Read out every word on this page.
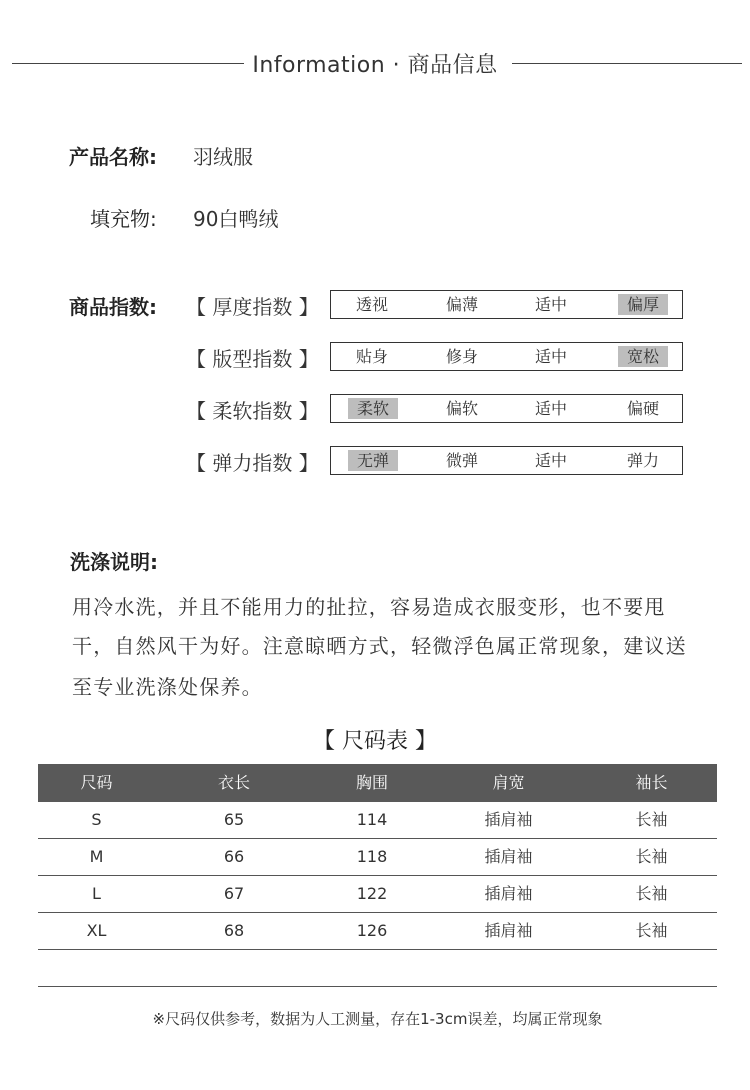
Information · 商品信息
产品名称: 羽绒服
填充物: 90白鸭绒
商品指数: 【 厚度指数 】	透视	偏薄	适中	偏厚
【 版型指数 】	贴身	修身	适中	宽松
【 柔软指数 】	柔软	偏软	适中	偏硬
【 弹力指数 】	无弹	微弹	适中	弹力
洗涤说明:
用冷水洗，并且不能用力的扯拉，容易造成衣服变形，也不要甩
干，自然风干为好。注意晾晒方式，轻微浮色属正常现象，建议送
至专业洗涤处保养。
【 尺码表 】
尺码	衣长	胸围	肩宽	袖长
S	65	114	插肩袖	长袖
M	66	118	插肩袖	长袖
L	67	122	插肩袖	长袖
XL	68	126	插肩袖	长袖
※尺码仅供参考，数据为人工测量，存在1-3cm误差，均属正常现象
